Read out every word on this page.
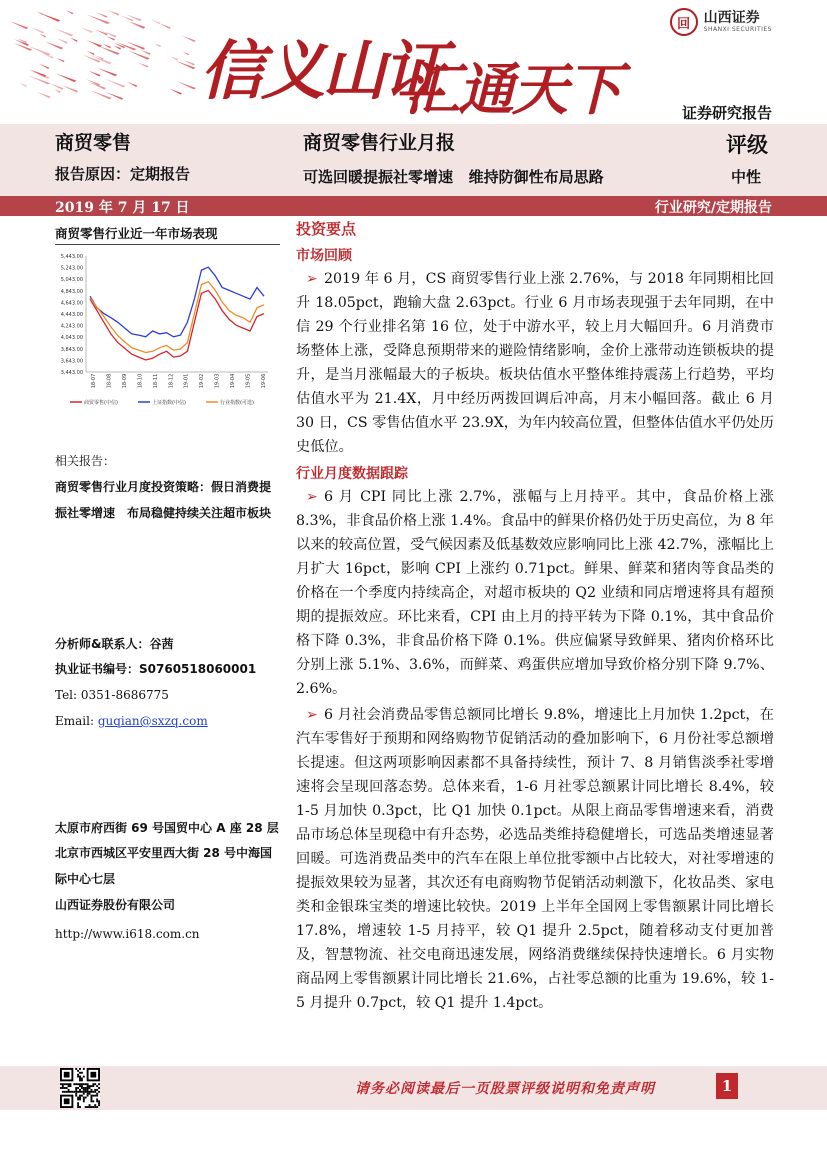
信义山证
汇通天下
回 山西证券
SHANXI SECURITIES
证券研究报告
商贸零售
报告原因：定期报告
商贸零售行业月报
可选回暖提振社零增速   维持防御性布局思路
评级
中性
2019 年 7 月 17 日	行业研究/定期报告
商贸零售行业近一年市场表现
5,443.00
5,243.00
5,043.00
4,843.00
4,643.00
4,443.00
4,243.00
4,043.00
3,843.00
3,643.00
3,443.00
18-07 18-08 18-09 18-10 18-11 18-12 19-01 19-02 19-03 19-04 19-05 19-06
商贸零售(中信)	上证指数(中信)	行业指数(可选)
相关报告：
商贸零售行业月度投资策略：假日消费提振社零增速　布局稳健持续关注超市板块
分析师&联系人：谷茜
执业证书编号：S0760518060001
Tel: 0351-8686775
Email: guqian@sxzq.com
太原市府西街 69 号国贸中心 A 座 28 层
北京市西城区平安里西大街 28 号中海国际中心七层
山西证券股份有限公司
http://www.i618.com.cn
投资要点
市场回顾
➢ 2019 年 6 月，CS 商贸零售行业上涨 2.76%，与 2018 年同期相比回升 18.05pct，跑输大盘 2.63pct。行业 6 月市场表现强于去年同期，在中信 29 个行业排名第 16 位，处于中游水平，较上月大幅回升。6 月消费市场整体上涨，受降息预期带来的避险情绪影响，金价上涨带动连锁板块的提升，是当月涨幅最大的子板块。板块估值水平整体维持震荡上行趋势，平均估值水平为 21.4X，月中经历两拨回调后冲高，月末小幅回落。截止 6 月 30 日，CS 零售估值水平 23.9X，为年内较高位置，但整体估值水平仍处历史低位。
行业月度数据跟踪
➢ 6 月 CPI 同比上涨 2.7%，涨幅与上月持平。其中，食品价格上涨 8.3%，非食品价格上涨 1.4%。食品中的鲜果价格仍处于历史高位，为 8 年以来的较高位置，受气候因素及低基数效应影响同比上涨 42.7%，涨幅比上月扩大 16pct，影响 CPI 上涨约 0.71pct。鲜果、鲜菜和猪肉等食品类的价格在一个季度内持续高企，对超市板块的 Q2 业绩和同店增速将具有超预期的提振效应。环比来看，CPI 由上月的持平转为下降 0.1%，其中食品价格下降 0.3%，非食品价格下降 0.1%。供应偏紧导致鲜果、猪肉价格环比分别上涨 5.1%、3.6%，而鲜菜、鸡蛋供应增加导致价格分别下降 9.7%、2.6%。
➢ 6 月社会消费品零售总额同比增长 9.8%，增速比上月加快 1.2pct，在汽车零售好于预期和网络购物节促销活动的叠加影响下，6 月份社零总额增长提速。但这两项影响因素都不具备持续性，预计 7、8 月销售淡季社零增速将会呈现回落态势。总体来看，1-6 月社零总额累计同比增长 8.4%，较 1-5 月加快 0.3pct，比 Q1 加快 0.1pct。从限上商品零售增速来看，消费品市场总体呈现稳中有升态势，必选品类维持稳健增长，可选品类增速显著回暖。可选消费品类中的汽车在限上单位批零额中占比较大，对社零增速的提振效果较为显著，其次还有电商购物节促销活动刺激下，化妆品类、家电类和金银珠宝类的增速比较快。2019 上半年全国网上零售额累计同比增长 17.8%，增速较 1-5 月持平，较 Q1 提升 2.5pct，随着移动支付更加普及，智慧物流、社交电商迅速发展，网络消费继续保持快速增长。6 月实物商品网上零售额累计同比增长 21.6%，占社零总额的比重为 19.6%，较 1-5 月提升 0.7pct，较 Q1 提升 1.4pct。
请务必阅读最后一页股票评级说明和免责声明	1
